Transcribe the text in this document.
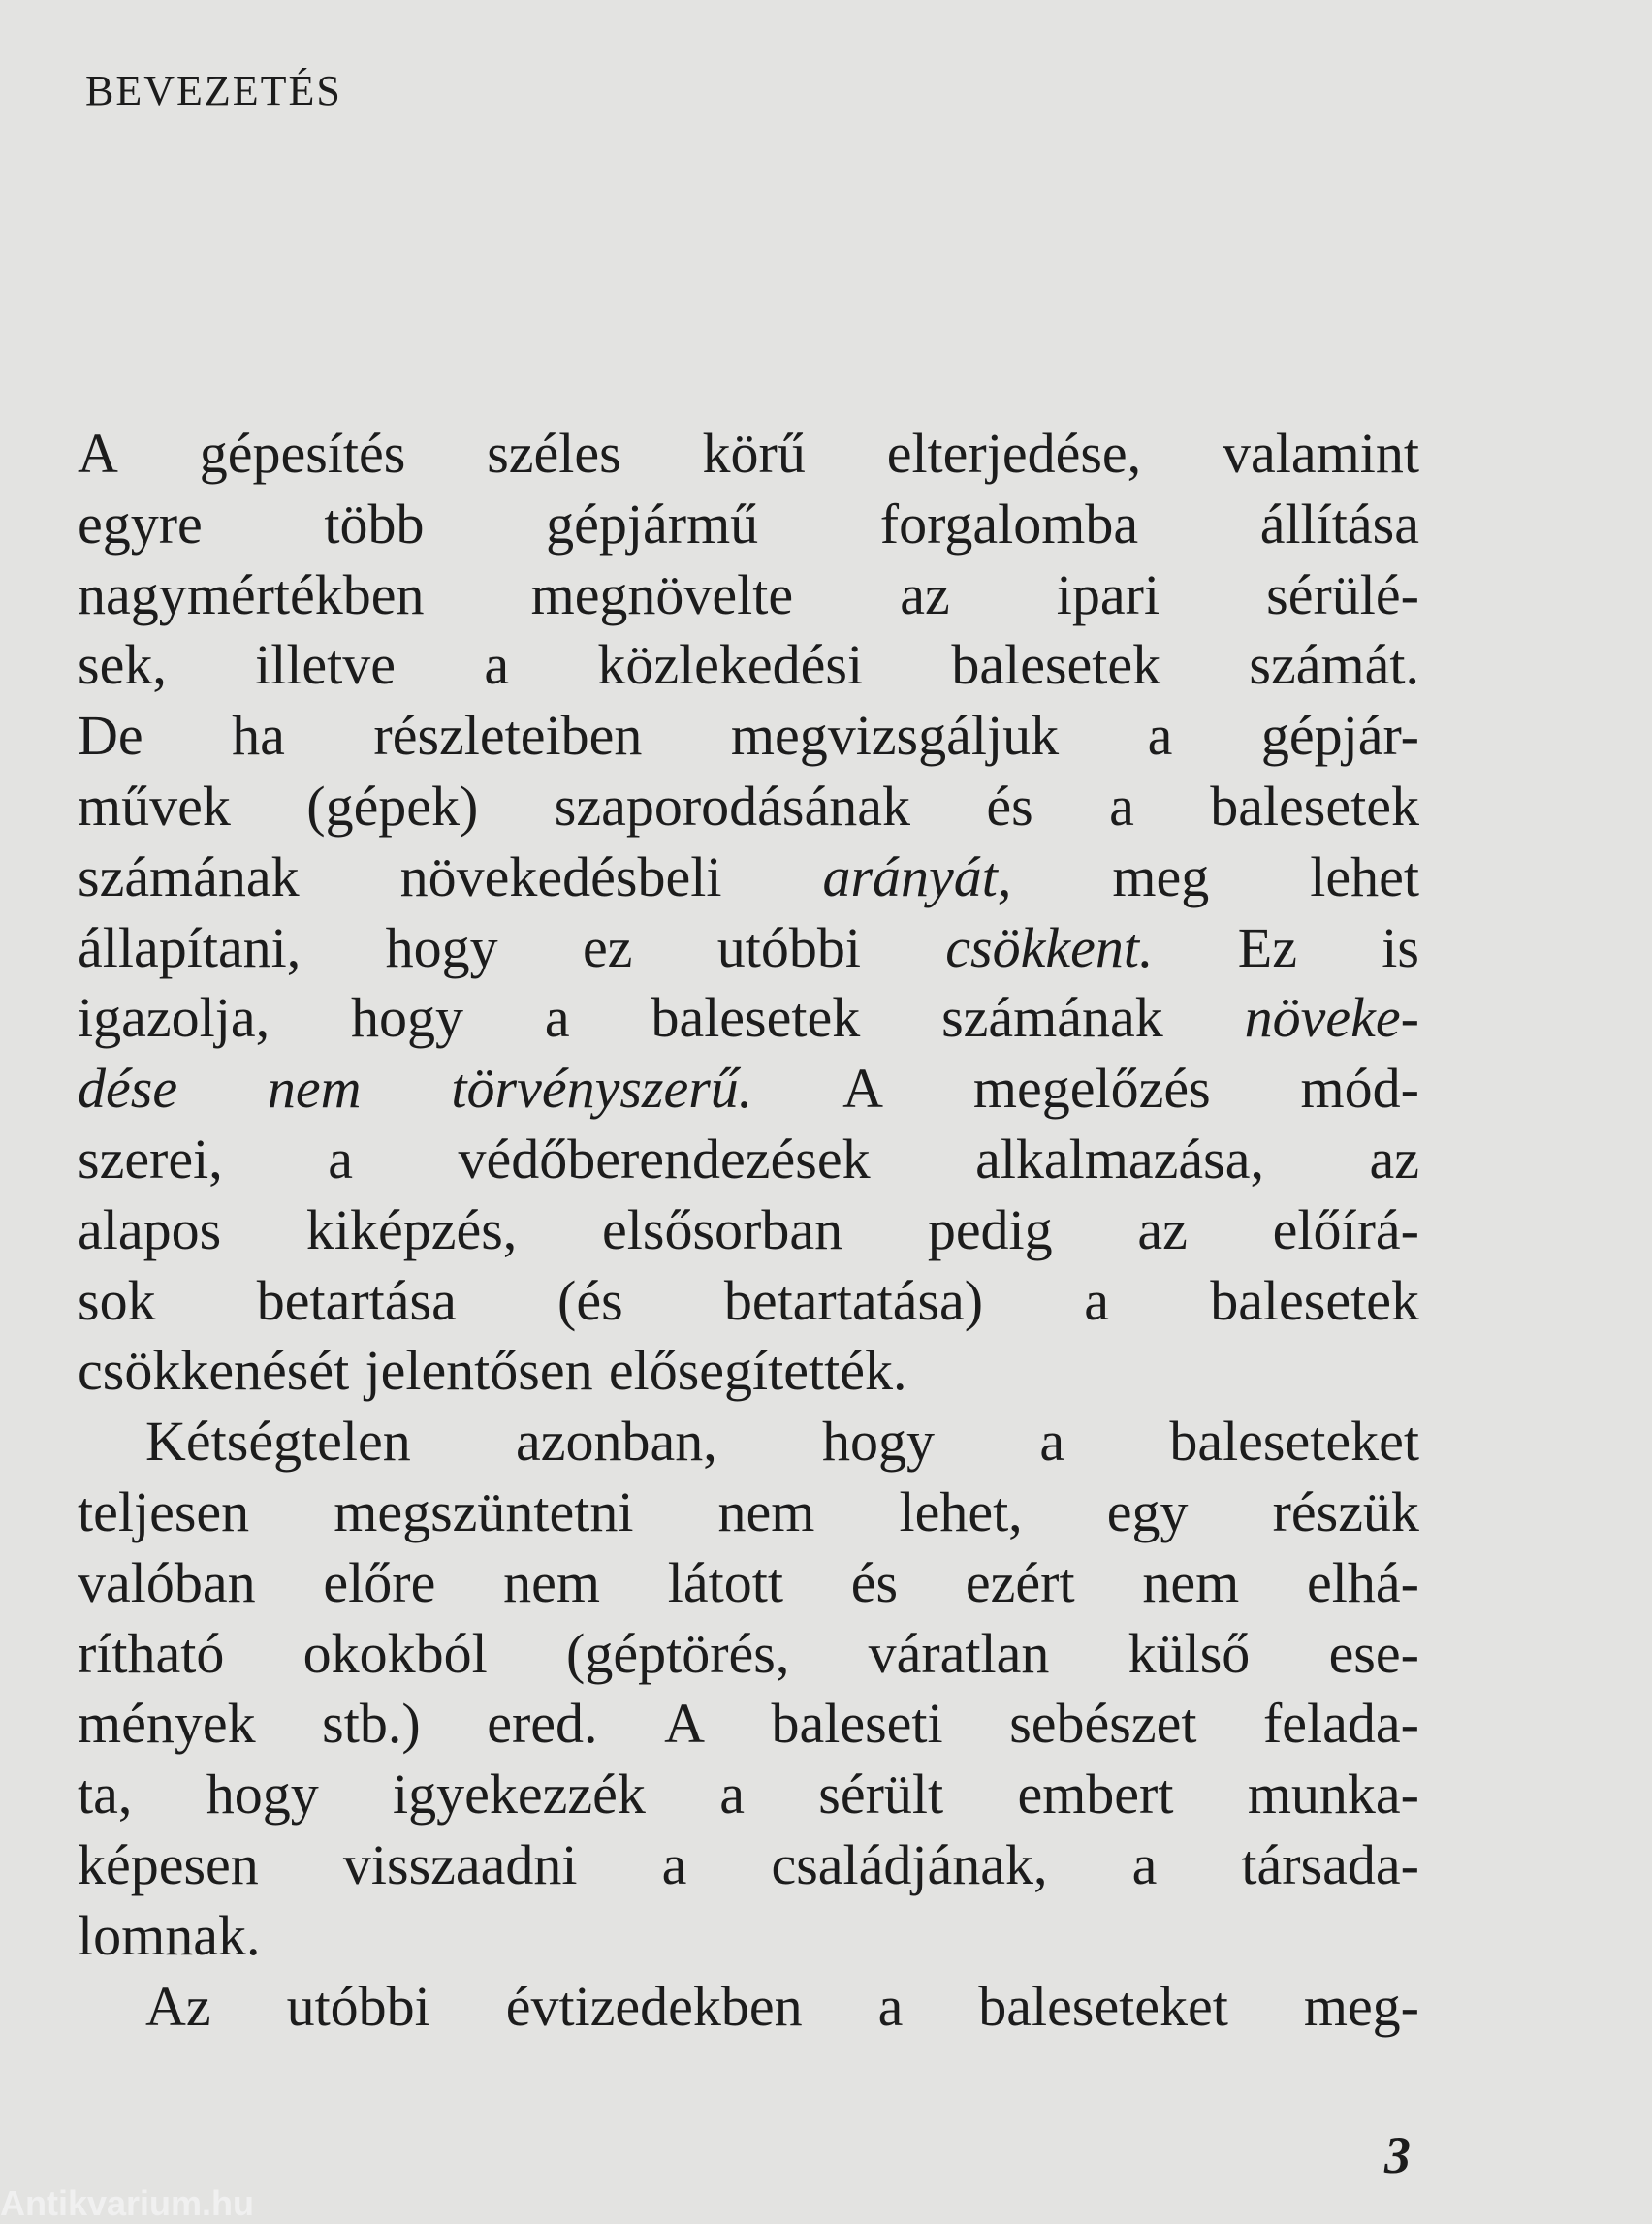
BEVEZETÉS
A gépesítés széles körű elterjedése, valamint
egyre több gépjármű forgalomba állítása
nagymértékben megnövelte az ipari sérülé-
sek, illetve a közlekedési balesetek számát.
De ha részleteiben megvizsgáljuk a gépjár-
művek (gépek) szaporodásának és a balesetek
számának növekedésbeli arányát, meg lehet
állapítani, hogy ez utóbbi csökkent. Ez is
igazolja, hogy a balesetek számának növeke-
dése nem törvényszerű. A megelőzés mód-
szerei, a védőberendezések alkalmazása, az
alapos kiképzés, elsősorban pedig az előírá-
sok betartása (és betartatása) a balesetek
csökkenését jelentősen elősegítették.
Kétségtelen azonban, hogy a baleseteket
teljesen megszüntetni nem lehet, egy részük
valóban előre nem látott és ezért nem elhá-
rítható okokból (géptörés, váratlan külső ese-
mények stb.) ered. A baleseti sebészet felada-
ta, hogy igyekezzék a sérült embert munka-
képesen visszaadni a családjának, a társada-
lomnak.
Az utóbbi évtizedekben a baleseteket meg-
3
Antikvarium.hu
